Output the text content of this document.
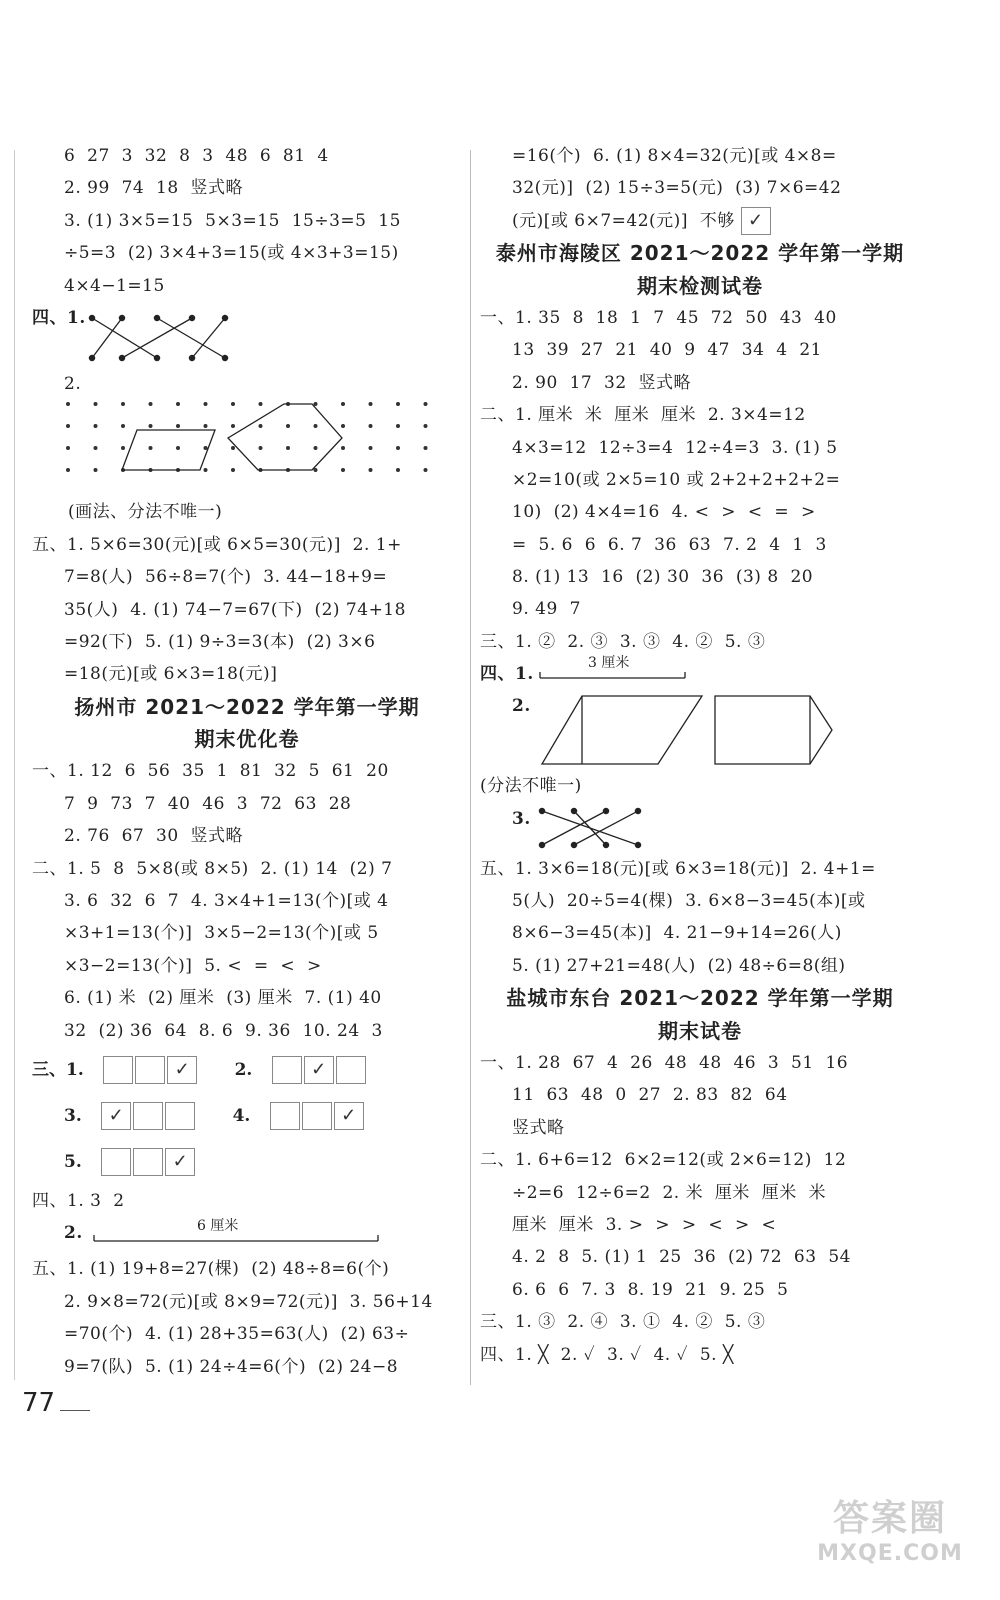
6  27  3  32  8  3  48  6  81  4
2. 99  74  18  竖式略
3. (1) 3×5=15  5×3=15  15÷3=5  15
÷5=3  (2) 3×4+3=15(或 4×3+3=15)
4×4−1=15
四、1.
2.
(画法、分法不唯一)
五、1. 5×6=30(元)[或 6×5=30(元)]  2. 1+
7=8(人)  56÷8=7(个)  3. 44−18+9=
35(人)  4. (1) 74−7=67(下)  (2) 74+18
=92(下)  5. (1) 9÷3=3(本)  (2) 3×6
=18(元)[或 6×3=18(元)]
扬州市 2021～2022 学年第一学期
期末优化卷
一、1. 12  6  56  35  1  81  32  5  61  20
7  9  73  7  40  46  3  72  63  28
2. 76  67  30  竖式略
二、1. 5  8  5×8(或 8×5)  2. (1) 14  (2) 7
3. 6  32  6  7  4. 3×4+1=13(个)[或 4
×3+1=13(个)]  3×5−2=13(个)[或 5
×3−2=13(个)]  5. <  =  <  >
6. (1) 米  (2) 厘米  (3) 厘米  7. (1) 40
32  (2) 36  64  8. 6  9. 36  10. 24  3
三、1.	✓	2.	✓
3.	✓	4.	✓
5.	✓
四、1. 3  2
2.	6 厘米
五、1. (1) 19+8=27(棵)  (2) 48÷8=6(个)
2. 9×8=72(元)[或 8×9=72(元)]  3. 56+14
=70(个)  4. (1) 28+35=63(人)  (2) 63÷
9=7(队)  5. (1) 24÷4=6(个)  (2) 24−8
=16(个)  6. (1) 8×4=32(元)[或 4×8=
32(元)]  (2) 15÷3=5(元)  (3) 7×6=42
(元)[或 6×7=42(元)]  不够 ✓
泰州市海陵区 2021～2022 学年第一学期
期末检测试卷
一、1. 35  8  18  1  7  45  72  50  43  40
13  39  27  21  40  9  47  34  4  21
2. 90  17  32  竖式略
二、1. 厘米  米  厘米  厘米  2. 3×4=12
4×3=12  12÷3=4  12÷4=3  3. (1) 5
×2=10(或 2×5=10 或 2+2+2+2+2=
10)  (2) 4×4=16  4. <  >  <  =  >
=  5. 6  6  6. 7  36  63  7. 2  4  1  3
8. (1) 13  16  (2) 30  36  (3) 8  20
9. 49  7
三、1. ②  2. ③  3. ③  4. ②  5. ③
四、1.
3 厘米
2.
(分法不唯一)
3.
五、1. 3×6=18(元)[或 6×3=18(元)]  2. 4+1=
5(人)  20÷5=4(棵)  3. 6×8−3=45(本)[或
8×6−3=45(本)]  4. 21−9+14=26(人)
5. (1) 27+21=48(人)  (2) 48÷6=8(组)
盐城市东台 2021～2022 学年第一学期
期末试卷
一、1. 28  67  4  26  48  48  46  3  51  16
11  63  48  0  27  2. 83  82  64
竖式略
二、1. 6+6=12  6×2=12(或 2×6=12)  12
÷2=6  12÷6=2  2. 米  厘米  厘米  米
厘米  厘米  3. >  >  >  <  >  <
4. 2  8  5. (1) 1  25  36  (2) 72  63  54
6. 6  6  7. 3  8. 19  21  9. 25  5
三、1. ③  2. ④  3. ①  4. ②  5. ③
四、1. ╳  2. ✓  3. ✓  4. ✓  5. ╳
77
答案圈
MXQE.COM
